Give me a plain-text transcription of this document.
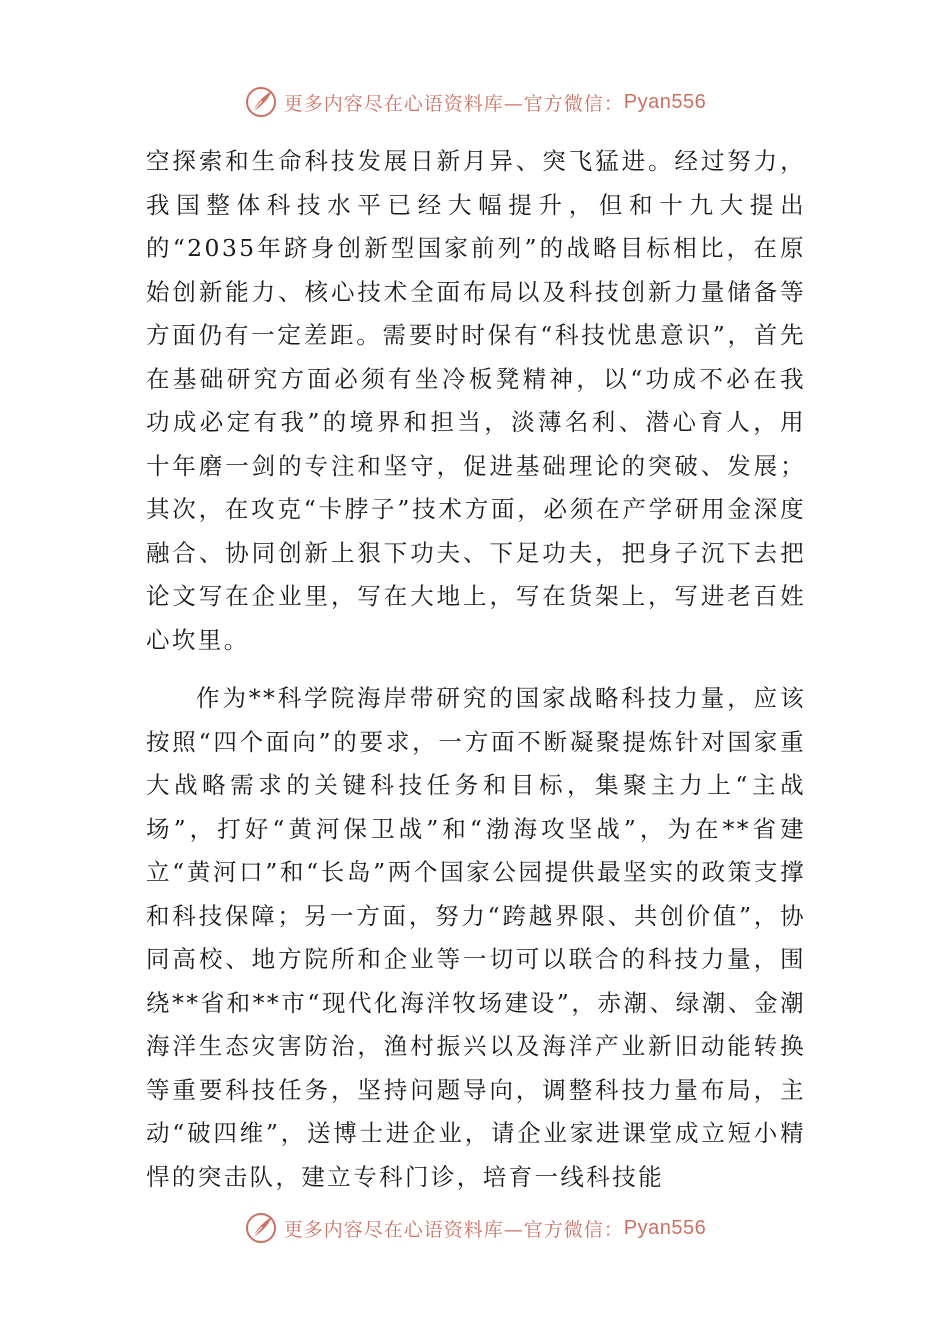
更多内容尽在心语资料库—官方微信： Pyan556

空探索和生命科技发展日新月异、突飞猛进。经过努力，我国整体科技水平已经大幅提升，但和十九大提出的“2035年跻身创新型国家前列”的战略目标相比，在原始创新能力、核心技术全面布局以及科技创新力量储备等方面仍有一定差距。需要时时保有“科技忧患意识”，首先在基础研究方面必须有坐冷板凳精神，以“功成不必在我功成必定有我”的境界和担当，淡薄名利、潜心育人，用十年磨一剑的专注和坚守，促进基础理论的突破、发展；其次，在攻克“卡脖子”技术方面，必须在产学研用金深度融合、协同创新上狠下功夫、下足功夫，把身子沉下去把论文写在企业里，写在大地上，写在货架上，写进老百姓心坎里。

作为**科学院海岸带研究的国家战略科技力量，应该按照“四个面向”的要求，一方面不断凝聚提炼针对国家重大战略需求的关键科技任务和目标，集聚主力上“主战场”，打好“黄河保卫战”和“渤海攻坚战”，为在**省建立“黄河口”和“长岛”两个国家公园提供最坚实的政策支撑和科技保障；另一方面，努力“跨越界限、共创价值”，协同高校、地方院所和企业等一切可以联合的科技力量，围绕**省和**市“现代化海洋牧场建设”，赤潮、绿潮、金潮海洋生态灾害防治，渔村振兴以及海洋产业新旧动能转换等重要科技任务，坚持问题导向，调整科技力量布局，主动“破四维”，送博士进企业，请企业家进课堂成立短小精悍的突击队，建立专科门诊，培育一线科技能

更多内容尽在心语资料库—官方微信： Pyan556
